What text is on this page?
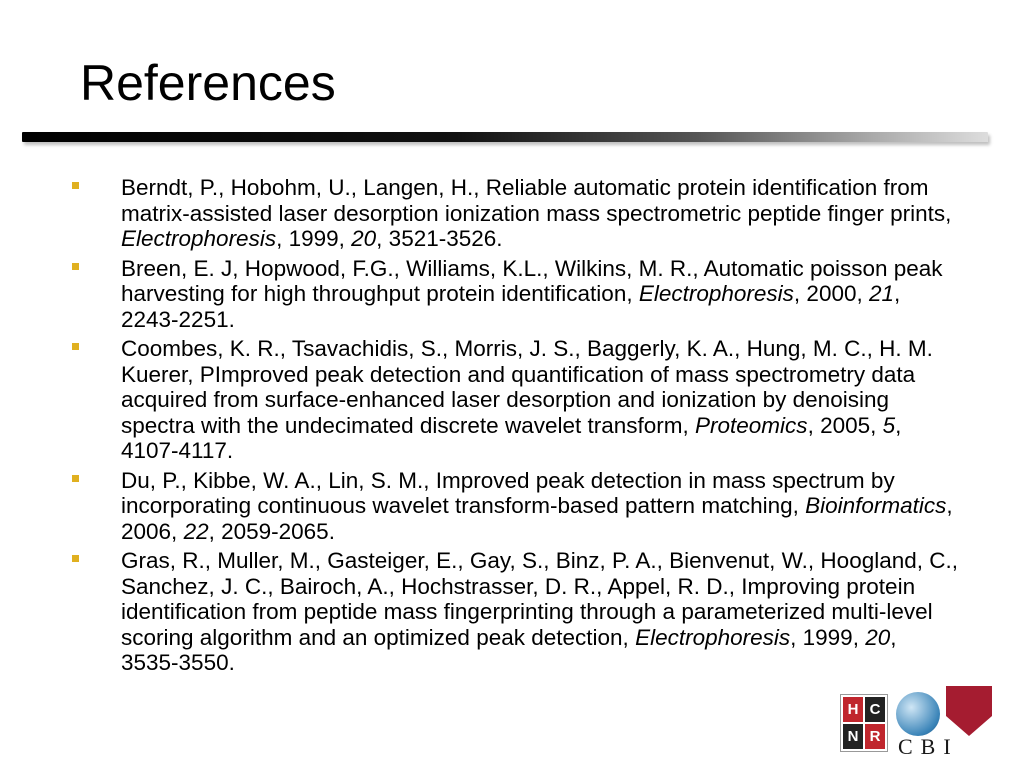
References
Berndt, P., Hobohm, U., Langen, H., Reliable automatic protein identification from matrix-assisted laser desorption ionization mass spectrometric peptide finger prints, Electrophoresis, 1999, 20, 3521-3526.
Breen, E. J, Hopwood, F.G., Williams, K.L., Wilkins, M. R., Automatic poisson peak harvesting for high throughput protein identification, Electrophoresis, 2000, 21, 2243-2251.
Coombes, K. R., Tsavachidis, S., Morris, J. S., Baggerly, K. A., Hung, M. C., H. M. Kuerer, PImproved peak detection and quantification of mass spectrometry data acquired from surface-enhanced laser desorption and ionization by denoising spectra with the undecimated discrete wavelet transform, Proteomics, 2005, 5, 4107-4117.
Du, P., Kibbe, W. A., Lin, S. M., Improved peak detection in mass spectrum by incorporating continuous wavelet transform-based pattern matching, Bioinformatics, 2006, 22, 2059-2065.
Gras, R., Muller, M., Gasteiger, E., Gay, S., Binz, P. A., Bienvenut, W., Hoogland, C., Sanchez, J. C., Bairoch, A., Hochstrasser, D. R., Appel, R. D., Improving protein identification from peptide mass fingerprinting through a parameterized multi-level scoring algorithm and an optimized peak detection, Electrophoresis, 1999, 20, 3535-3550.
H C
N R CBI
